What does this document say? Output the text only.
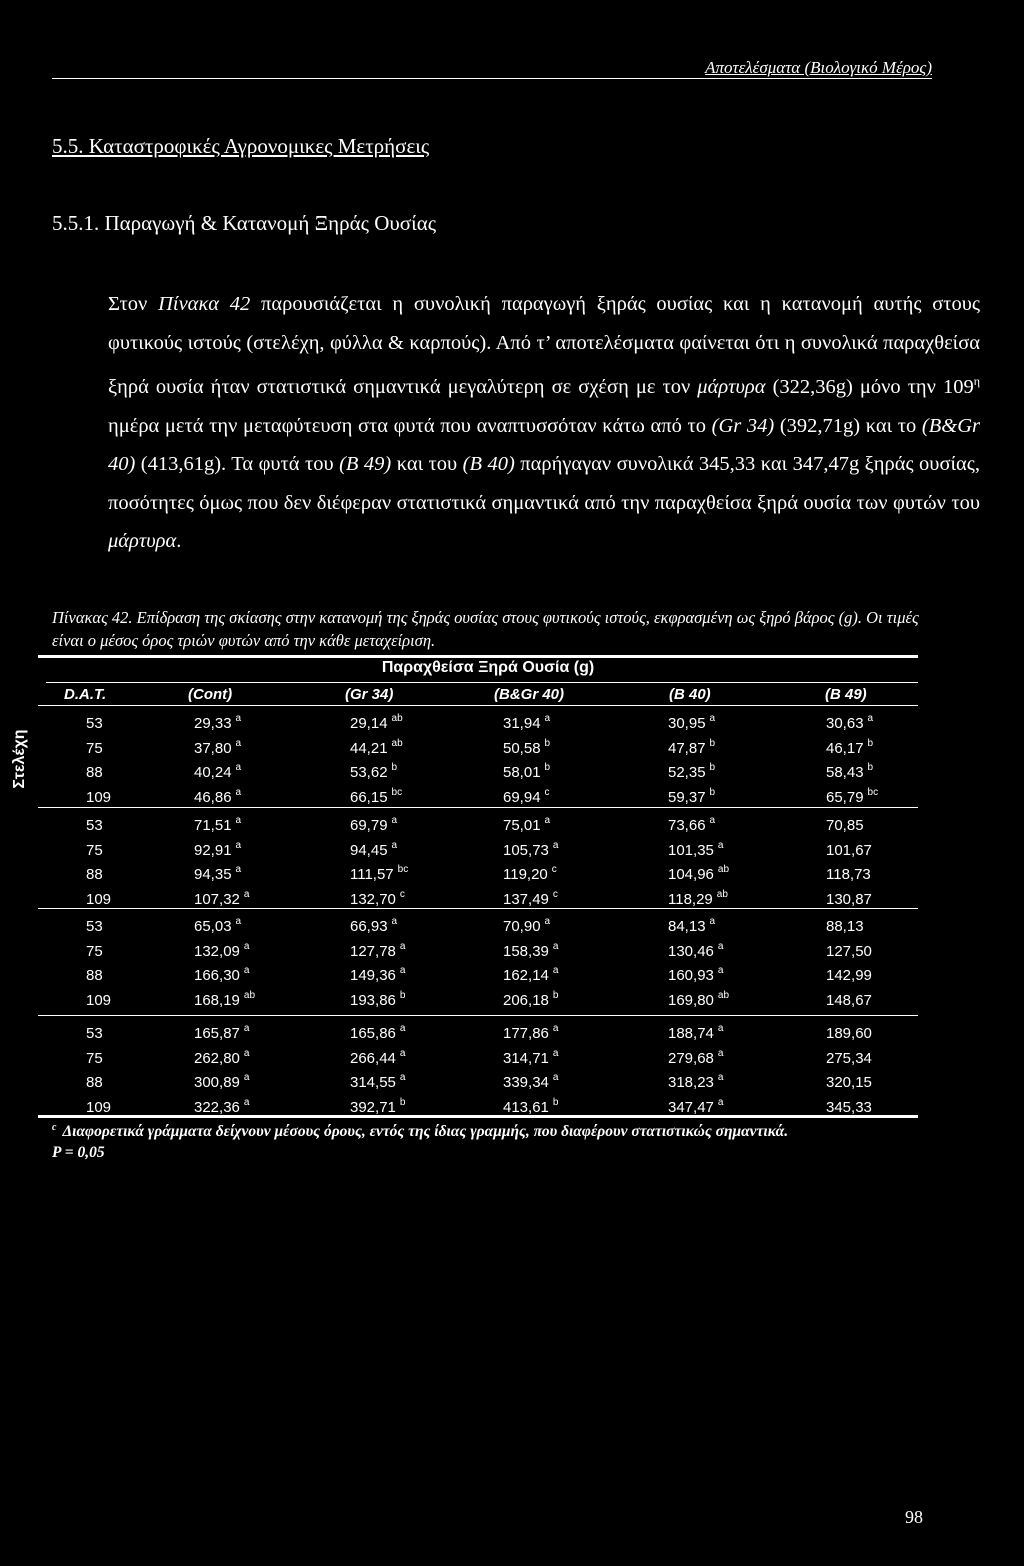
Αποτελέσματα (Βιολογικό Μέρος)
5.5. Καταστροφικές Αγρονομικες Μετρήσεις
5.5.1. Παραγωγή & Κατανομή Ξηράς Ουσίας
Στον Πίνακα 42 παρουσιάζεται η συνολική παραγωγή ξηράς ουσίας και η κατανομή αυτής στους φυτικούς ιστούς (στελέχη, φύλλα & καρπούς). Από τ’ αποτελέσματα φαίνεται ότι η συνολικά παραχθείσα ξηρά ουσία ήταν στατιστικά σημαντικά μεγαλύτερη σε σχέση με τον μάρτυρα (322,36g) μόνο την $109^\eta$ ημέρα μετά την μεταφύτευση στα φυτά που αναπτυσσόταν κάτω από το (Gr 34) (392,71g) και το (B&Gr 40) (413,61g). Τα φυτά του (B 49) και του (B 40) παρήγαγαν συνολικά 345,33 και 347,47g ξηράς ουσίας, ποσότητες όμως που δεν διέφεραν στατιστικά σημαντικά από την παραχθείσα ξηρά ουσία των φυτών του μάρτυρα.
Πίνακας 42. Επίδραση της σκίασης στην κατανομή της ξηράς ουσίας στους φυτικούς ιστούς, εκφρασμένη ως ξηρό βάρος (g). Οι τιμές είναι ο μέσος όρος τριών φυτών από την κάθε μεταχείριση.
Στελέχη
Παραχθείσα Ξηρά Ουσία (g)
D.A.T.	(Cont)	(Gr 34)	(B&Gr 40)	(B 40)	(B 49)
53	29,33 $^a$	29,14 $^{ab}$	31,94 $^a$	30,95 $^a$	30,63 $^a$
75	37,80 $^a$	44,21 $^{ab}$	50,58 $^b$	47,87 $^b$	46,17 $^b$
88	40,24 $^a$	53,62 $^b$	58,01 $^b$	52,35 $^b$	58,43 $^b$
109	46,86 $^a$	66,15 $^{bc}$	69,94 $^c$	59,37 $^b$	65,79 $^{bc}$
53	71,51 $^a$	69,79 $^a$	75,01 $^a$	73,66 $^a$	70,85
75	92,91 $^a$	94,45 $^a$	105,73 $^a$	101,35 $^a$	101,67
88	94,35 $^a$	111,57 $^{bc}$	119,20 $^c$	104,96 $^{ab}$	118,73
109	107,32 $^a$	132,70 $^c$	137,49 $^c$	118,29 $^{ab}$	130,87
53	65,03 $^a$	66,93 $^a$	70,90 $^a$	84,13 $^a$	88,13
75	132,09 $^a$	127,78 $^a$	158,39 $^a$	130,46 $^a$	127,50
88	166,30 $^a$	149,36 $^a$	162,14 $^a$	160,93 $^a$	142,99
109	168,19 $^{ab}$	193,86 $^b$	206,18 $^b$	169,80 $^{ab}$	148,67
53	165,87 $^a$	165,86 $^a$	177,86 $^a$	188,74 $^a$	189,60
75	262,80 $^a$	266,44 $^a$	314,71 $^a$	279,68 $^a$	275,34
88	300,89 $^a$	314,55 $^a$	339,34 $^a$	318,23 $^a$	320,15
109	322,36 $^a$	392,71 $^b$	413,61 $^b$	347,47 $^a$	345,33
$^c$ Διαφορετικά γράμματα δείχνουν μέσους όρους, εντός της ίδιας γραμμής, που διαφέρουν στατιστικώς σημαντικά.
P = 0,05
98
